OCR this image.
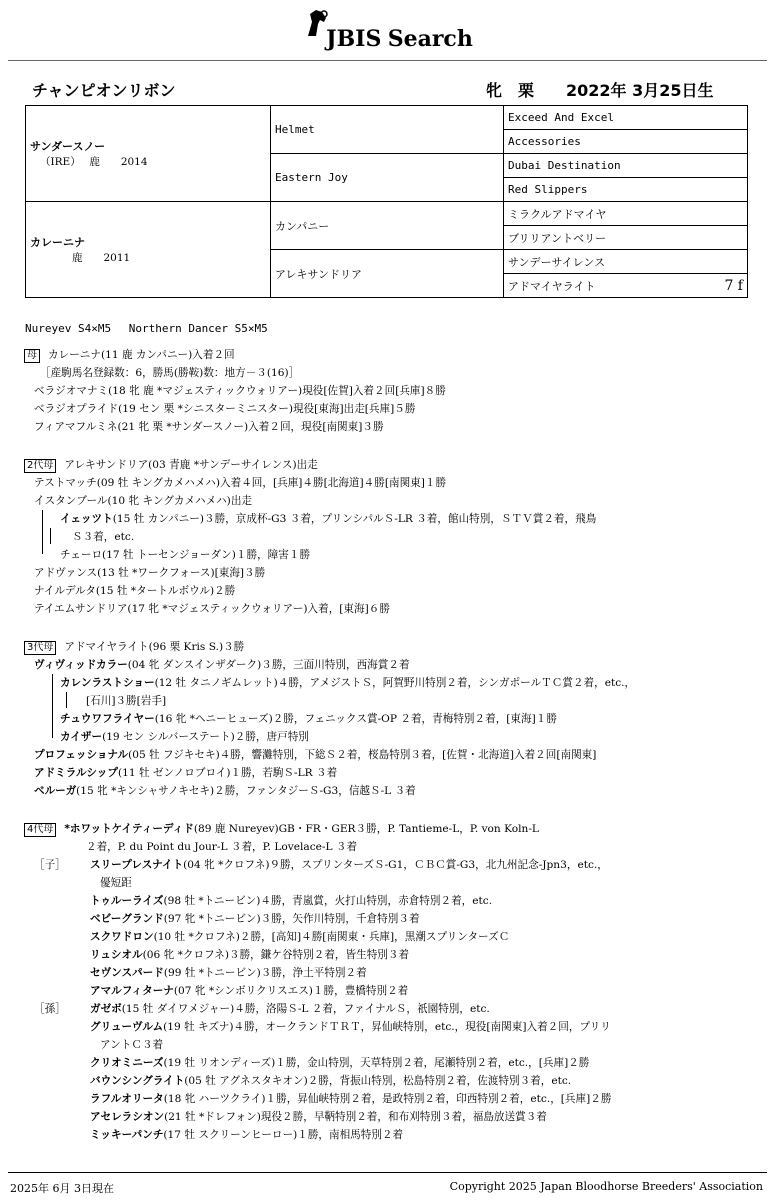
JBIS Search
チャンピオンリボン	牝 栗 2022年 3月25日生
サンダースノー
（IRE）　 鹿　　 2014	Helmet	Exceed And Excel
		Accessories
	Eastern Joy	Dubai Destination
		Red Slippers

カレーニナ
鹿　　 2011	カンパニー	ミラクルアドマイヤ
		ブリリアントベリー
	アレキサンドリア	サンデーサイレンス
		アドマイヤライト 7 f
Nureyev S4×M5　 Northern Dancer S5×M5
母 カレーニナ(11 鹿 カンパニー)入着２回
［産駒馬名登録数：6，勝馬(勝鞍)数：地方－３(16)］
ベラジオマナミ(18 牝 鹿 *マジェスティックウォリアー)現役[佐賀]入着２回[兵庫]８勝
ベラジオプライド(19 セン 栗 *シニスターミニスター)現役[東海]出走[兵庫]５勝
フィアマフルミネ(21 牝 栗 *サンダースノー)入着２回，現役[南関東]３勝
2代母 アレキサンドリア(03 青鹿 *サンデーサイレンス)出走
テストマッチ(09 牡 キングカメハメハ)入着４回，[兵庫]４勝[北海道]４勝[南関東]１勝
イスタンブール(10 牝 キングカメハメハ)出走
イェッツト(15 牡 カンパニー)３勝，京成杯-G3 ３着，プリンシパルＳ-LR ３着，館山特別，ＳＴＶ賞２着，飛鳥
Ｓ３着，etc.
チェーロ(17 牡 トーセンジョーダン)１勝，障害１勝
アドヴァンス(13 牡 *ワークフォース)[東海]３勝
ナイルデルタ(15 牡 *タートルボウル)２勝
テイエムサンドリア(17 牝 *マジェスティックウォリアー)入着，[東海]６勝
3代母 アドマイヤライト(96 栗 Kris S.)３勝
ヴィヴィッドカラー(04 牝 ダンスインザダーク)３勝，三面川特別，西海賞２着
カレンラストショー(12 牡 タニノギムレット)４勝，アメジストＳ，阿賀野川特別２着，シンガポールＴＣ賞２着，etc.，
[石川]３勝[岩手]
チュウワフライヤー(16 牝 *ヘニーヒューズ)２勝，フェニックス賞-OP ２着，青梅特別２着，[東海]１勝
カイザー(19 セン シルバーステート)２勝，唐戸特別
プロフェッショナル(05 牡 フジキセキ)４勝，響灘特別，下総Ｓ２着，桜島特別３着，[佐賀・北海道]入着２回[南関東]
アドミラルシップ(11 牡 ゼンノロブロイ)１勝，若駒Ｓ-LR ３着
ベルーガ(15 牝 *キンシャサノキセキ)２勝，ファンタジーＳ-G3，信越Ｓ-L ３着
4代母 *ホワットケイティーディド(89 鹿 Nureyev)GB・FR・GER３勝，P. Tantieme-L，P. von Koln-L
２着，P. du Point du Jour-L ３着，P. Lovelace-L ３着
［子］ スリープレスナイト(04 牝 *クロフネ)９勝，スプリンターズＳ-G1，ＣＢＣ賞-G3，北九州記念-Jpn3，etc.，
優短距
トゥルーライズ(98 牡 *トニービン)４勝，青嵐賞，火打山特別，赤倉特別２着，etc.
ベビーグランド(97 牝 *トニービン)３勝，矢作川特別，千倉特別３着
スクワドロン(10 牡 *クロフネ)２勝，[高知]４勝[南関東・兵庫]，黒潮スプリンターズＣ
リュシオル(06 牝 *クロフネ)３勝，鎌ケ谷特別２着，皆生特別３着
セヴンスパード(99 牡 *トニービン)３勝，浄土平特別２着
アマルフィターナ(07 牝 *シンボリクリスエス)１勝，豊橋特別２着
［孫］ ガゼボ(15 牡 ダイワメジャー)４勝，洛陽Ｓ-L ２着，ファイナルＳ，祇園特別，etc.
グリューヴルム(19 牡 キズナ)４勝，オークランドＴＲＴ，昇仙峡特別，etc.，現役[南関東]入着２回，プリリ
アントＣ３着
クリオミニーズ(19 牡 リオンディーズ)１勝，金山特別，天草特別２着，尾瀬特別２着，etc.，[兵庫]２勝
バウンシングライト(05 牡 アグネスタキオン)２勝，背振山特別，松島特別２着，佐渡特別３着，etc.
ラフルオリータ(18 牝 ハーツクライ)１勝，昇仙峡特別２着，是政特別２着，印西特別２着，etc.，[兵庫]２勝
アセレラシオン(21 牡 *ドレフォン)現役２勝，早鞆特別２着，和布刈特別３着，福島放送賞３着
ミッキーパンチ(17 牡 スクリーンヒーロー)１勝，南相馬特別２着
2025年 6月 3日現在	Copyright 2025 Japan Bloodhorse Breeders' Association
